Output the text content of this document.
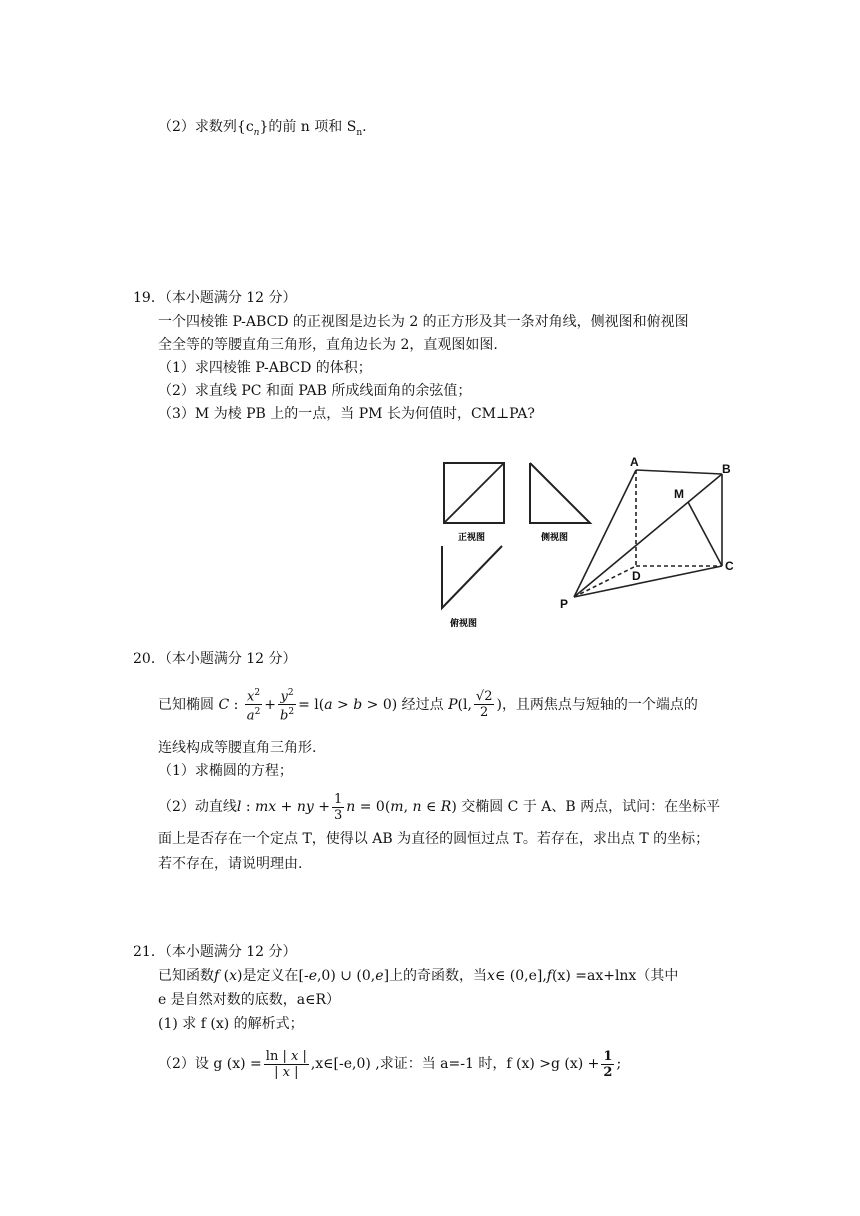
（2）求数列$\{c_n\}$的前 n 项和 $S_n$.
19．（本小题满分 12 分）
一个四棱锥 P-ABCD 的正视图是边长为 2 的正方形及其一条对角线，侧视图和俯视图
全全等的等腰直角三角形，直角边长为 2，直观图如图.
（1）求四棱锥 P-ABCD 的体积；
（2）求直线 PC 和面 PAB 所成线面角的余弦值；
（3）M 为棱 PB 上的一点，当 PM 长为何值时，CM⊥PA?
正视图	侧视图
俯视图
A	B
C
D
M
P
20．（本小题满分 12 分）
已知椭圆 C : $\frac{x^2}{a^2} + \frac{y^2}{b^2} = l(a > b > 0)$ 经过点 P(l, $\frac{√2}{2}$ )，且两焦点与短轴的一个端点的
连线构成等腰直角三角形.
（1）求椭圆的方程；
（2）动直线l : mx + ny + $\frac{1}{3}$ n = 0(m, n ∈ R) 交椭圆 C 于 A、B 两点，试问：在坐标平
面上是否存在一个定点 T，使得以 AB 为直径的圆恒过点 T。若存在，求出点 T 的坐标；
若不存在，请说明理由.
21．（本小题满分 12 分）
已知函数f (x)是定义在[-e,0) ∪ (0,e]上的奇函数，当x∈ (0,e],f(x) =ax+lnx（其中
e 是自然对数的底数，a∈R）
(1) 求 f (x) 的解析式；
（2）设 g $(x) = \frac{\ln | x |}{| x |}$ ,x∈[-e,0) ,求证：当 a=-1 时，f (x) >g $(x) + \frac{1}{2}$ ;
